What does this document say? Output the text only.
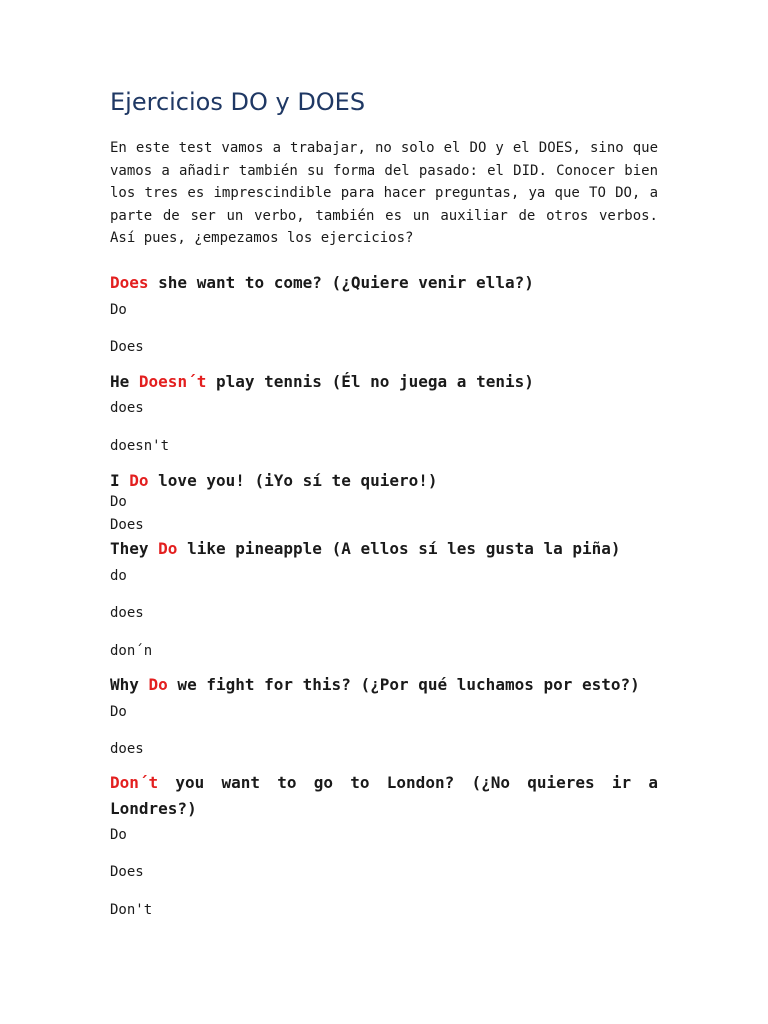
Ejercicios DO y DOES

En este test vamos a trabajar, no solo el DO y el DOES, sino que vamos a añadir también su forma del pasado: el DID. Conocer bien los tres es imprescindible para hacer preguntas, ya que TO DO, a parte de ser un verbo, también es un auxiliar de otros verbos. Así pues, ¿empezamos los ejercicios?

Does she want to come? (¿Quiere venir ella?)

Do
Does

He Doesn´t play tennis (Él no juega a tenis)

does
doesn't

I Do love you! (iYo sí te quiero!)

Do
Does

They Do like pineapple (A ellos sí les gusta la piña)

do
does
don´n

Why Do we fight for this? (¿Por qué luchamos por esto?)

Do
does

Don´t you want to go to London? (¿No quieres ir a Londres?)

Do
Does
Don't
